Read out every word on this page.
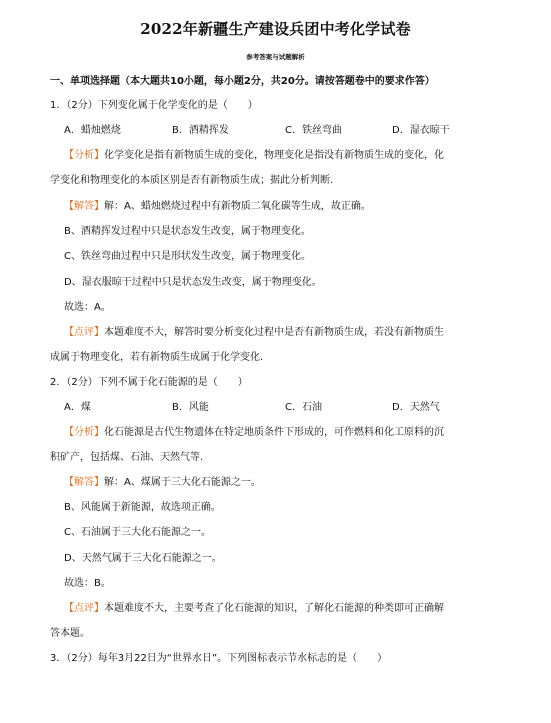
2022年新疆生产建设兵团中考化学试卷
参考答案与试题解析
一、单项选择题（本大题共10小题，每小题2分，共20分。请按答题卷中的要求作答）
1．（2分）下列变化属于化学变化的是（　　）
A．蜡烛燃烧	B．酒精挥发	C．铁丝弯曲	D．湿衣晾干
【分析】化学变化是指有新物质生成的变化，物理变化是指没有新物质生成的变化，化
学变化和物理变化的本质区别是否有新物质生成；据此分析判断.
【解答】解：A、蜡烛燃烧过程中有新物质二氧化碳等生成，故正确。
B、酒精挥发过程中只是状态发生改变，属于物理变化。
C、铁丝弯曲过程中只是形状发生改变，属于物理变化。
D、湿衣服晾干过程中只是状态发生改变，属于物理变化。
故选：A。
【点评】本题难度不大，解答时要分析变化过程中是否有新物质生成，若没有新物质生
成属于物理变化，若有新物质生成属于化学变化.
2．（2分）下列不属于化石能源的是（　　）
A．煤	B．风能	C．石油	D．天然气
【分析】化石能源是古代生物遗体在特定地质条件下形成的，可作燃料和化工原料的沉
积矿产，包括煤、石油、天然气等.
【解答】解：A、煤属于三大化石能源之一。
B、风能属于新能源，故选项正确。
C、石油属于三大化石能源之一。
D、天然气属于三大化石能源之一。
故选：B。
【点评】本题难度不大，主要考查了化石能源的知识，了解化石能源的种类即可正确解
答本题。
3．（2分）每年3月22日为“世界水日”。下列图标表示节水标志的是（　　）
